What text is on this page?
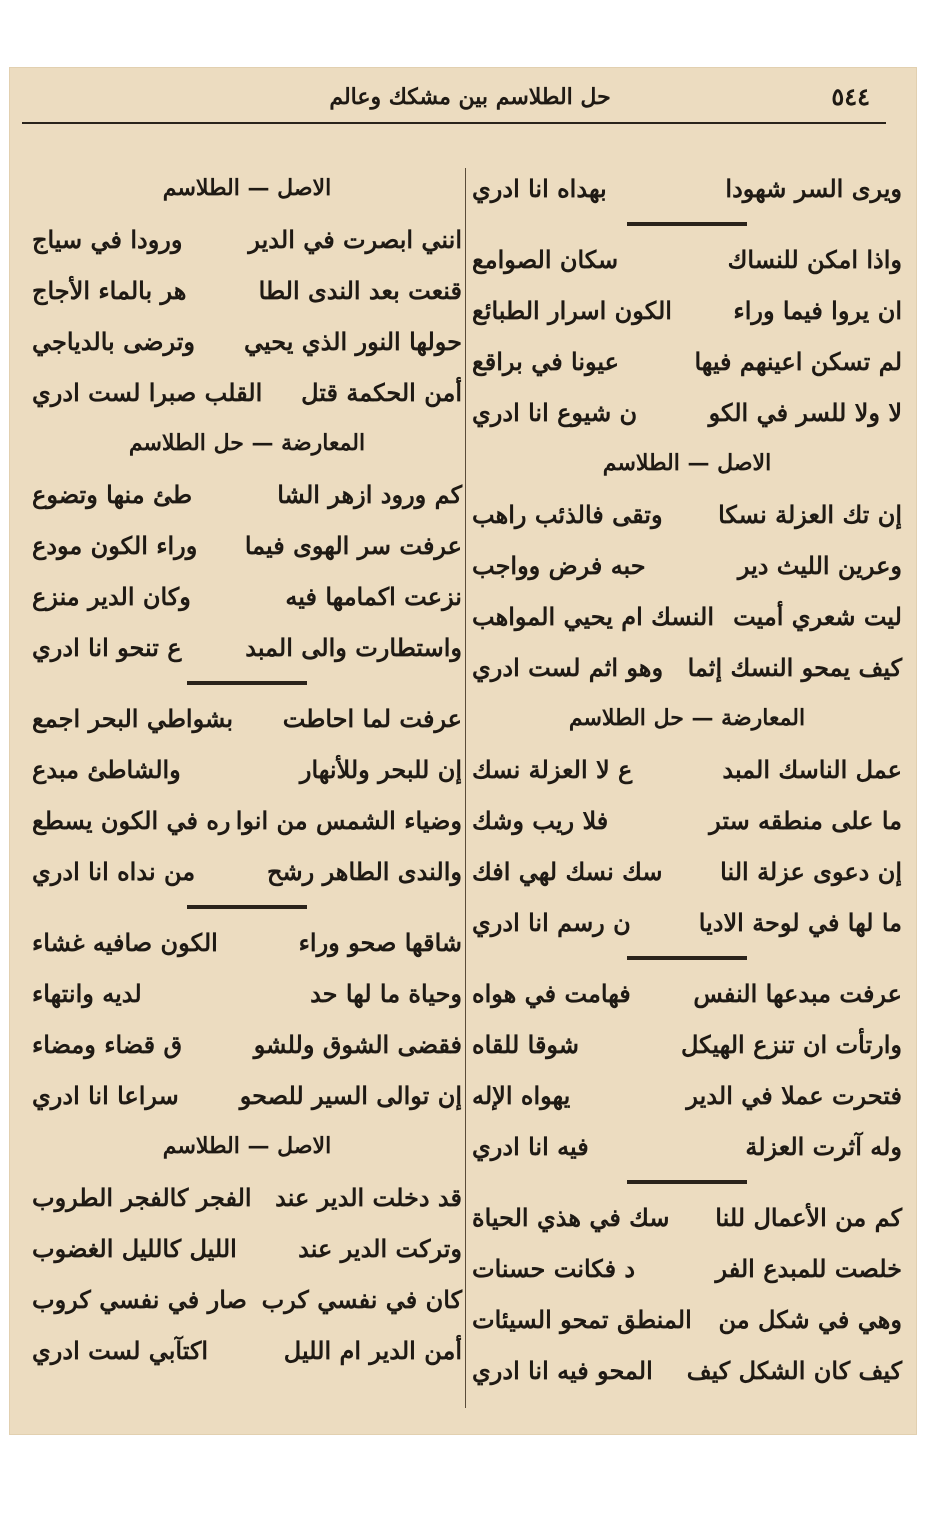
٥٤٤
حل الطلاسم بين مشكك وعالم
ويرى السر شهودا
بهداه انا ادري
واذا امكن للنساك
سكان الصوامع
ان يروا فيما وراء
الكون اسرار الطبائع
لم تسكن اعينهم فيها
عيونا في براقع
لا ولا للسر في الكو
ن شيوع انا ادري
الاصل — الطلاسم
إن تك العزلة نسكا
وتقى فالذئب راهب
وعرين الليث دير
حبه فرض وواجب
ليت شعري أميت
النسك ام يحيي المواهب
كيف يمحو النسك إثما
وهو اثم لست ادري
المعارضة — حل الطلاسم
عمل الناسك المبد
ع لا العزلة نسك
ما على منطقه ستر
فلا ريب وشك
إن دعوى عزلة النا
سك نسك لهي افك
ما لها في لوحة الاديا
ن رسم انا ادري
عرفت مبدعها النفس
فهامت في هواه
وارتأت ان تنزع الهيكل
شوقا للقاه
فتحرت عملا في الدير
يهواه الإله
وله آثرت العزلة
فيه انا ادري
كم من الأعمال للنا
سك في هذي الحياة
خلصت للمبدع الفر
د فكانت حسنات
وهي في شكل من
المنطق تمحو السيئات
كيف كان الشكل كيف
المحو فيه انا ادري
الاصل — الطلاسم
انني ابصرت في الدير
ورودا في سياج
قنعت بعد الندى الطا
هر بالماء الأجاج
حولها النور الذي يحيي
وترضى بالدياجي
أمن الحكمة قتل
القلب صبرا لست ادري
المعارضة — حل الطلاسم
كم ورود ازهر الشا
طئ منها وتضوع
عرفت سر الهوى فيما
وراء الكون مودع
نزعت اكمامها فيه
وكان الدير منزع
واستطارت والى المبد
ع تنحو انا ادري
عرفت لما احاطت
بشواطي البحر اجمع
إن للبحر وللأنهار
والشاطئ مبدع
وضياء الشمس من انوا
ره في الكون يسطع
والندى الطاهر رشح
من نداه انا ادري
شاقها صحو وراء
الكون صافيه غشاء
وحياة ما لها حد
لديه وانتهاء
فقضى الشوق وللشو
ق قضاء ومضاء
إن توالى السير للصحو
سراعا انا ادري
الاصل — الطلاسم
قد دخلت الدير عند
الفجر كالفجر الطروب
وتركت الدير عند
الليل كالليل الغضوب
كان في نفسي كرب
صار في نفسي كروب
أمن الدير ام الليل
اكتآبي لست ادري
